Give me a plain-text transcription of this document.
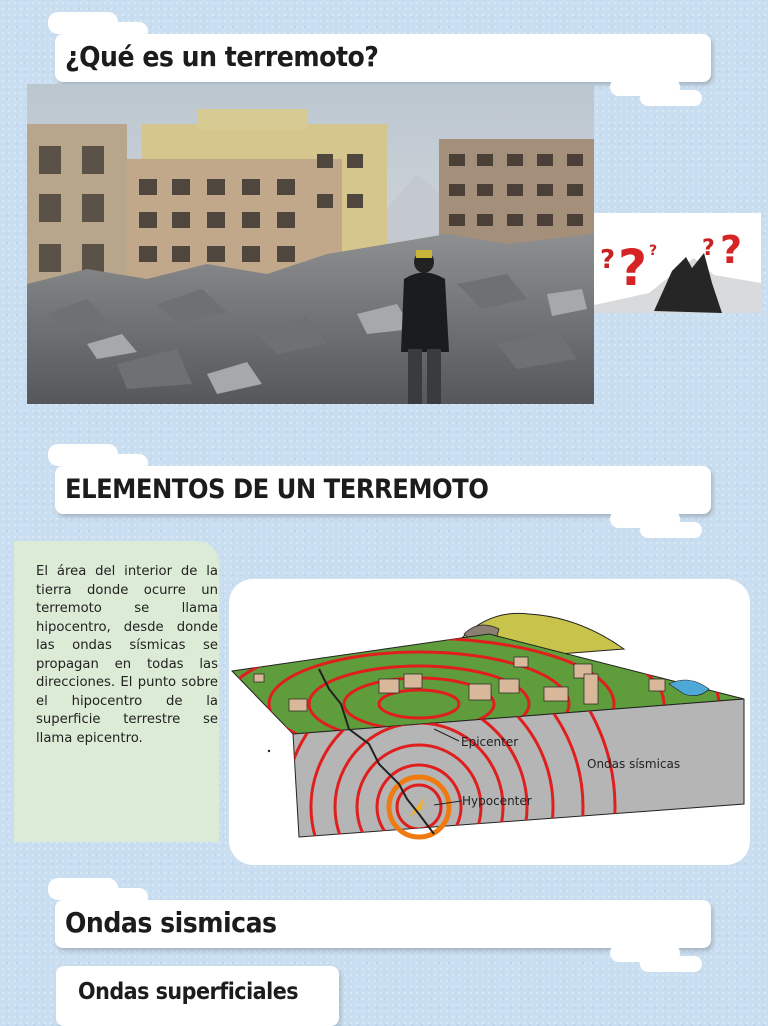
¿Qué es un terremoto?
? ? ? ? ?
ELEMENTOS DE UN TERREMOTO

El área del interior de la tierra donde ocurre un terremoto se llama hipocentro, desde donde las ondas sísmicas se propagan en todas las direcciones. El punto sobre el hipocentro de la superficie terrestre se llama epicentro.	Epicenter
Hypocenter
Ondas sísmicas
Ondas sismicas
Ondas superficiales
